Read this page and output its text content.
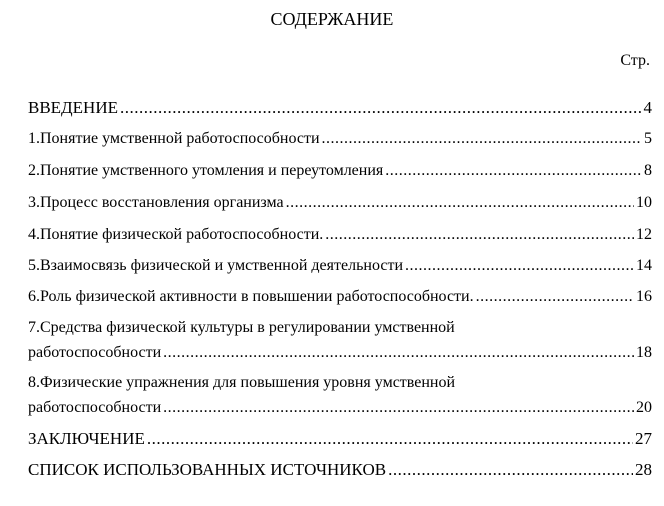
СОДЕРЖАНИЕ
Стр.
ВВЕДЕНИЕ .....	4
1.Понятие умственной работоспособности .....	5
2.Понятие умственного утомления и переутомления .....	8
3.Процесс восстановления организма .....	10
4.Понятие физической работоспособности. .....	12
5.Взаимосвязь физической и умственной деятельности .....	14
6.Роль физической активности в повышении работоспособности. .....	16
7.Средства физической культуры в регулировании умственной
работоспособности .....	18
8.Физические упражнения для повышения уровня умственной
работоспособности .....	20
ЗАКЛЮЧЕНИЕ .....	27
СПИСОК ИСПОЛЬЗОВАННЫХ ИСТОЧНИКОВ .....	28
